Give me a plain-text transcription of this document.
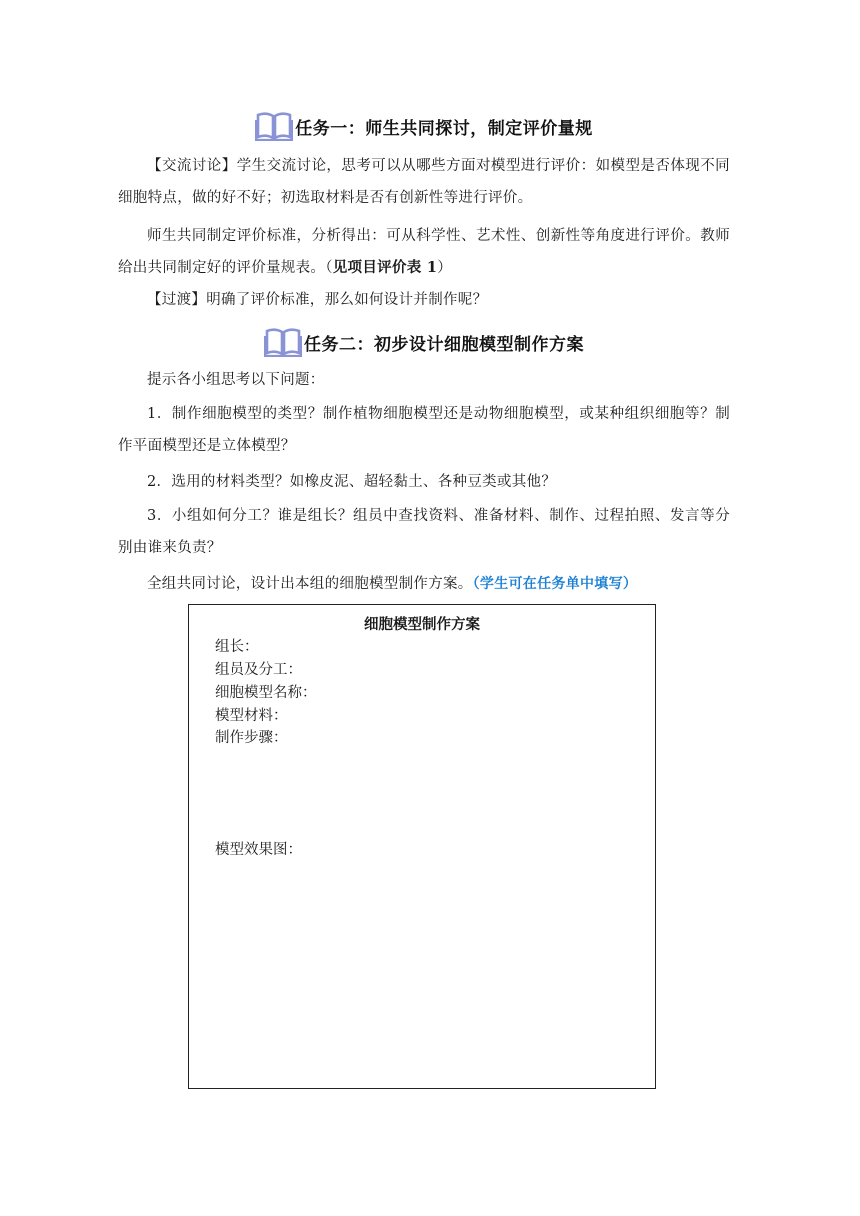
任务一：师生共同探讨，制定评价量规
【交流讨论】学生交流讨论，思考可以从哪些方面对模型进行评价：如模型是否体现不同细胞特点，做的好不好；初选取材料是否有创新性等进行评价。
师生共同制定评价标准，分析得出：可从科学性、艺术性、创新性等角度进行评价。教师给出共同制定好的评价量规表。（见项目评价表 1）
【过渡】明确了评价标准，那么如何设计并制作呢？
任务二：初步设计细胞模型制作方案
提示各小组思考以下问题：
1．制作细胞模型的类型？制作植物细胞模型还是动物细胞模型，或某种组织细胞等？制作平面模型还是立体模型？
2．选用的材料类型？如橡皮泥、超轻黏土、各种豆类或其他？
3．小组如何分工？谁是组长？组员中查找资料、准备材料、制作、过程拍照、发言等分别由谁来负责？
全组共同讨论，设计出本组的细胞模型制作方案。（学生可在任务单中填写）
细胞模型制作方案
组长：
组员及分工：
细胞模型名称：
模型材料：
制作步骤：
模型效果图：
